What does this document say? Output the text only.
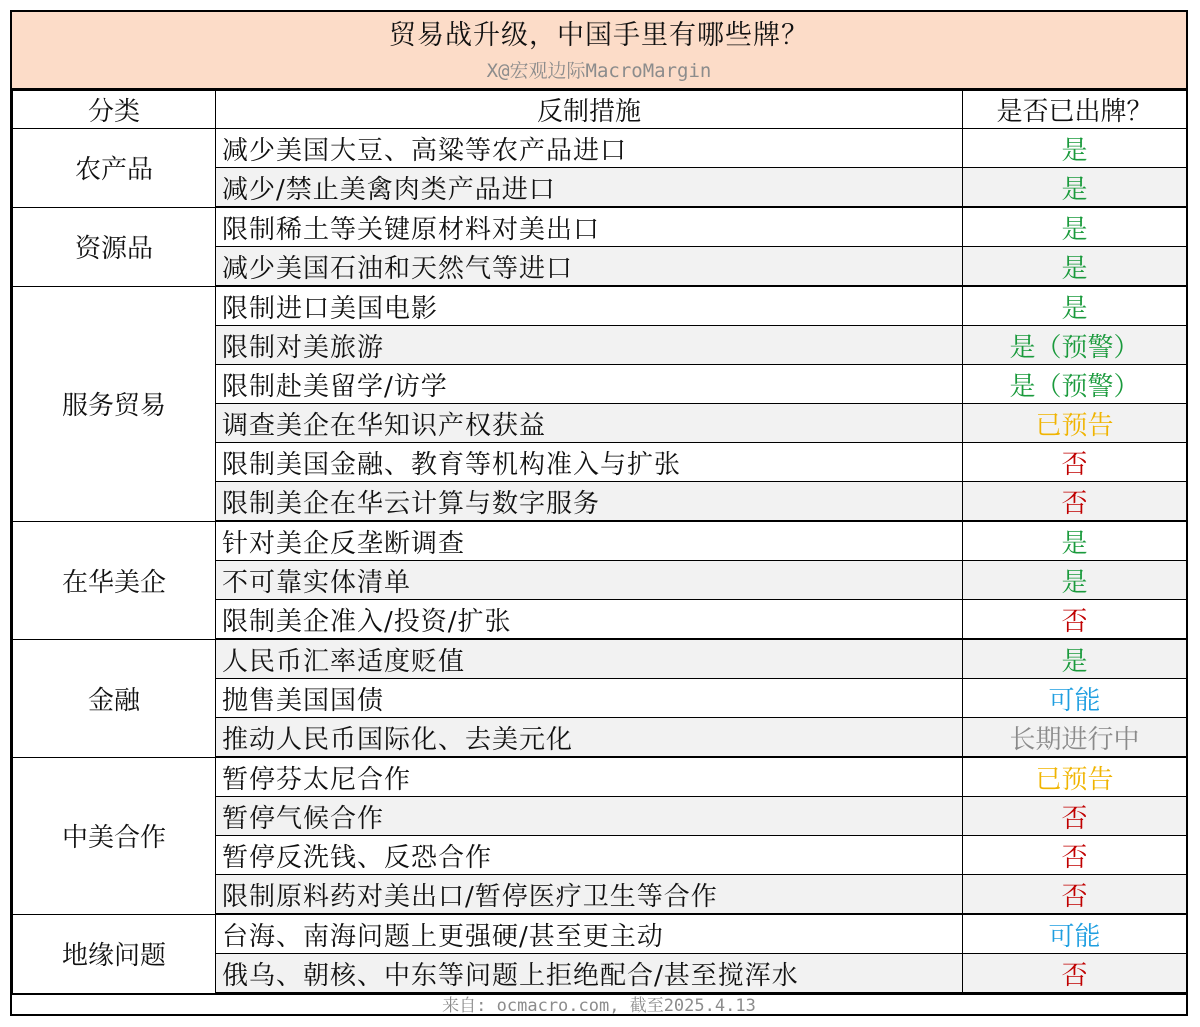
贸易战升级，中国手里有哪些牌？
X@宏观边际MacroMargin
分类	反制措施	是否已出牌？
农产品	减少美国大豆、高粱等农产品进口	是
	减少/禁止美禽肉类产品进口	是
资源品	限制稀土等关键原材料对美出口	是
	减少美国石油和天然气等进口	是
服务贸易	限制进口美国电影	是
	限制对美旅游	是（预警）
	限制赴美留学/访学	是（预警）
	调查美企在华知识产权获益	已预告
	限制美国金融、教育等机构准入与扩张	否
	限制美企在华云计算与数字服务	否
在华美企	针对美企反垄断调查	是
	不可靠实体清单	是
	限制美企准入/投资/扩张	否
金融	人民币汇率适度贬值	是
	抛售美国国债	可能
	推动人民币国际化、去美元化	长期进行中
中美合作	暂停芬太尼合作	已预告
	暂停气候合作	否
	暂停反洗钱、反恐合作	否
	限制原料药对美出口/暂停医疗卫生等合作	否
地缘问题	台海、南海问题上更强硬/甚至更主动	可能
	俄乌、朝核、中东等问题上拒绝配合/甚至搅浑水	否
来自: ocmacro.com, 截至2025.4.13
